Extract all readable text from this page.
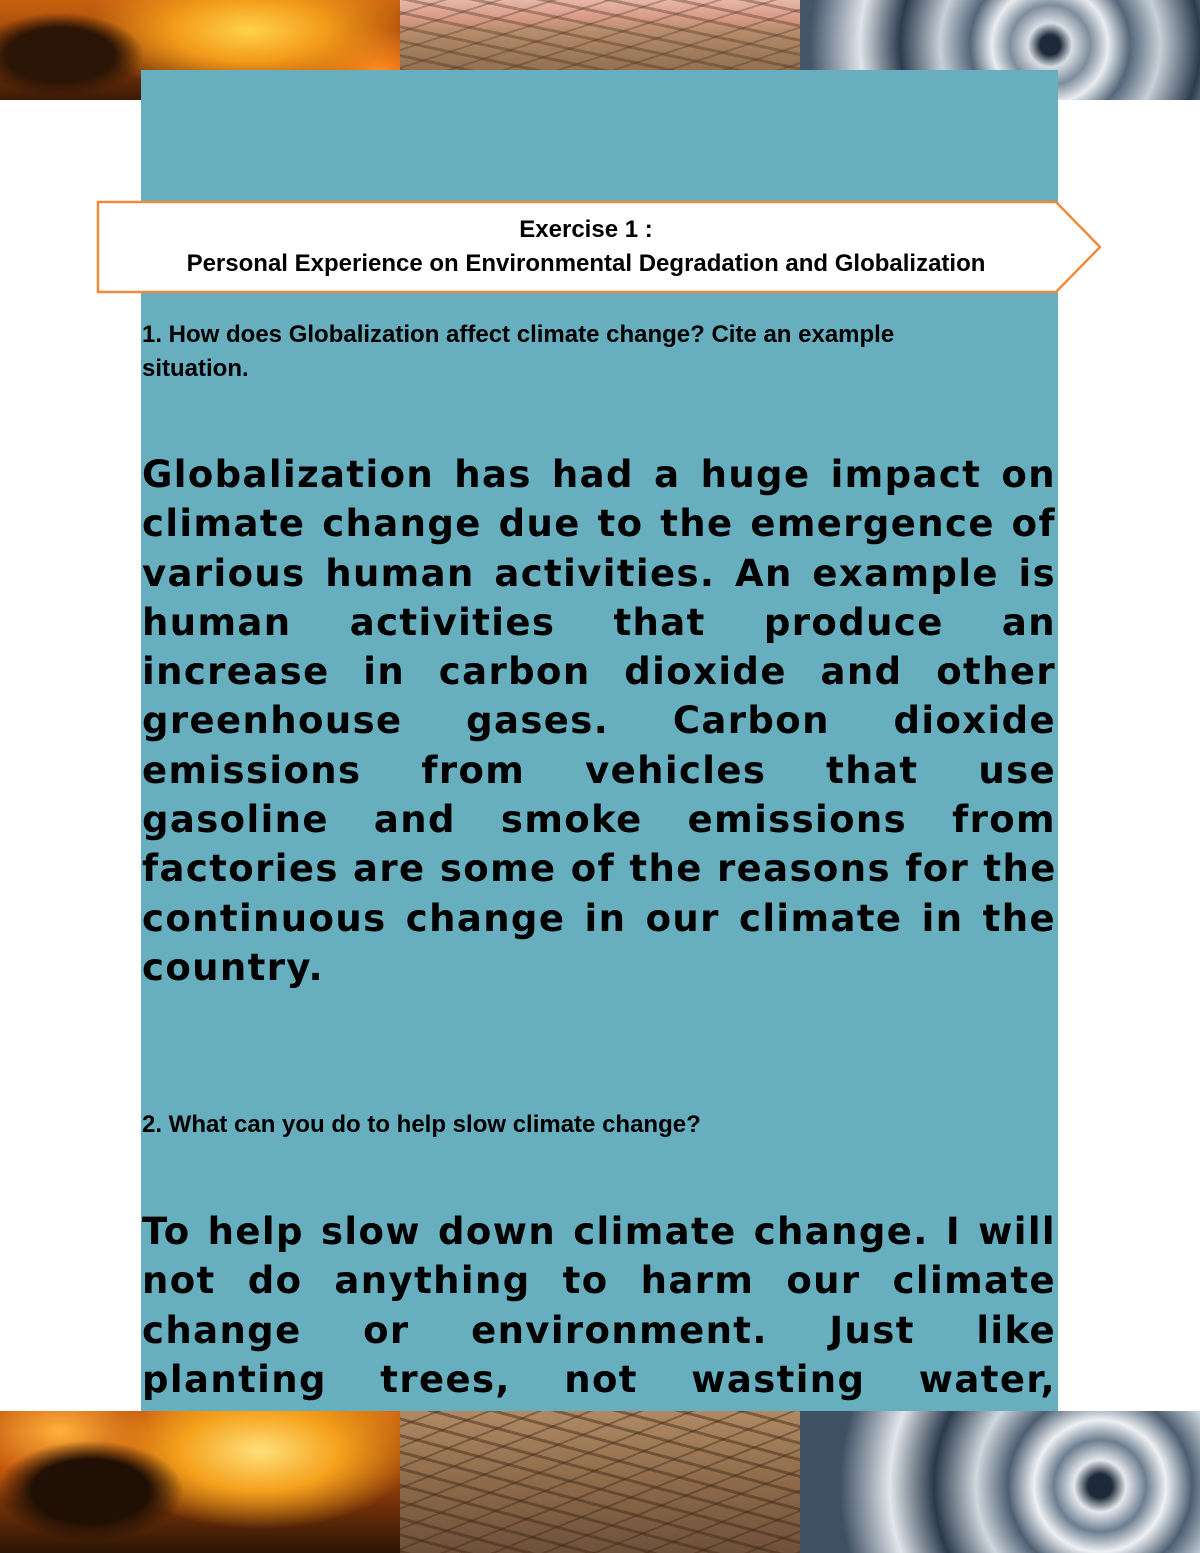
Exercise 1 :
Personal Experience on Environmental Degradation and Globalization

1. How does Globalization affect climate change? Cite an example
situation.

Globalization has had a huge impact on
climate change due to the emergence of
various human activities. An example is
human activities that produce an
increase in carbon dioxide and other
greenhouse gases. Carbon dioxide
emissions from vehicles that use
gasoline and smoke emissions from
factories are some of the reasons for the
continuous change in our climate in the
country.

2. What can you do to help slow climate change?

To help slow down climate change. I will
not do anything to harm our climate
change or environment. Just like
planting trees, not wasting water,
